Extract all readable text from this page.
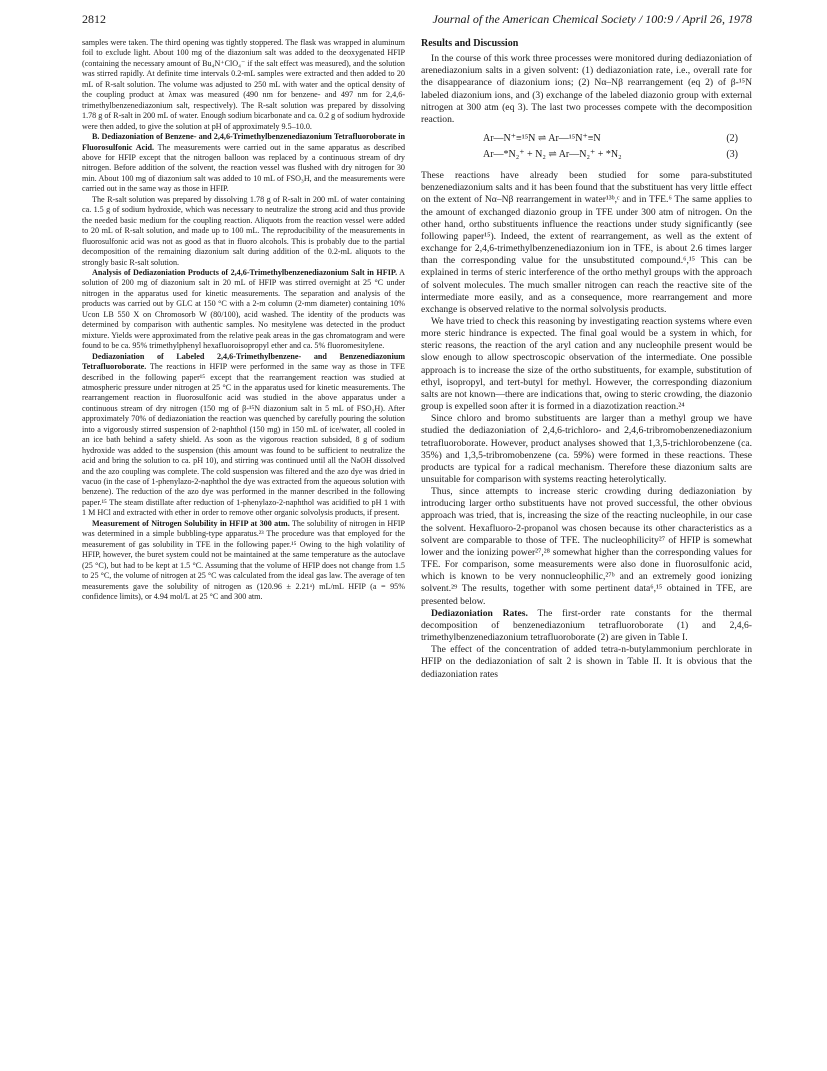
2812	Journal of the American Chemical Society / 100:9 / April 26, 1978

samples were taken. The third opening was tightly stoppered. The flask was wrapped in aluminum foil to exclude light. About 100 mg of the diazonium salt was added to the deoxygenated HFIP (containing the necessary amount of Bu₄N⁺ClO₄⁻ if the salt effect was measured), and the solution was stirred rapidly. At definite time intervals 0.2-mL samples were extracted and then added to 20 mL of R-salt solution. The volume was adjusted to 250 mL with water and the optical density of the coupling product at λmax was measured (490 nm for benzene- and 497 nm for 2,4,6-trimethylbenzenediazonium salt, respectively). The R-salt solution was prepared by dissolving 1.78 g of R-salt in 200 mL of water. Enough sodium bicarbonate and ca. 0.2 g of sodium hydroxide were then added, to give the solution at pH of approximately 9.5–10.0.

B. Dediazoniation of Benzene- and 2,4,6-Trimethylbenzenediazonium Tetrafluoroborate in Fluorosulfonic Acid. The measurements were carried out in the same apparatus as described above for HFIP except that the nitrogen balloon was replaced by a continuous stream of dry nitrogen. Before addition of the solvent, the reaction vessel was flushed with dry nitrogen for 30 min. About 100 mg of diazonium salt was added to 10 mL of FSO₃H, and the measurements were carried out in the same way as those in HFIP.

The R-salt solution was prepared by dissolving 1.78 g of R-salt in 200 mL of water containing ca. 1.5 g of sodium hydroxide, which was necessary to neutralize the strong acid and thus provide the needed basic medium for the coupling reaction. Aliquots from the reaction vessel were added to 20 mL of R-salt solution, and made up to 100 mL. The reproducibility of the measurements in fluorosulfonic acid was not as good as that in fluoro alcohols. This is probably due to the partial decomposition of the remaining diazonium salt during addition of the 0.2-mL aliquots to the strongly basic R-salt solution.

Analysis of Dediazoniation Products of 2,4,6-Trimethylbenzenediazonium Salt in HFIP. A solution of 200 mg of diazonium salt in 20 mL of HFIP was stirred overnight at 25 °C under nitrogen in the apparatus used for kinetic measurements. The separation and analysis of the products was carried out by GLC at 150 °C with a 2-m column (2-mm diameter) containing 10% Ucon LB 550 X on Chromosorb W (80/100), acid washed. The identity of the products was determined by comparison with authentic samples. No mesitylene was detected in the product mixture. Yields were approximated from the relative peak areas in the gas chromatogram and were found to be ca. 95% trimethylphenyl hexafluoroisopropyl ether and ca. 5% fluoromesitylene.

Dediazoniation of Labeled 2,4,6-Trimethylbenzene- and Benzenediazonium Tetrafluoroborate. The reactions in HFIP were performed in the same way as those in TFE described in the following paper¹⁵ except that the rearrangement reaction was studied at atmospheric pressure under nitrogen at 25 °C in the apparatus used for kinetic measurements. The rearrangement reaction in fluorosulfonic acid was studied in the above apparatus under a continuous stream of dry nitrogen (150 mg of β-¹⁵N diazonium salt in 5 mL of FSO₃H). After approximately 70% of dediazoniation the reaction was quenched by carefully pouring the solution into a vigorously stirred suspension of 2-naphthol (150 mg) in 150 mL of ice/water, all cooled in an ice bath behind a safety shield. As soon as the vigorous reaction subsided, 8 g of sodium hydroxide was added to the suspension (this amount was found to be sufficient to neutralize the acid and bring the solution to ca. pH 10), and stirring was continued until all the NaOH dissolved and the azo coupling was complete. The cold suspension was filtered and the azo dye was dried in vacuo (in the case of 1-phenylazo-2-naphthol the dye was extracted from the aqueous solution with benzene). The reduction of the azo dye was performed in the manner described in the following paper.¹⁵ The steam distillate after reduction of 1-phenylazo-2-naphthol was acidified to pH 1 with 1 M HCl and extracted with ether in order to remove other organic solvolysis products, if present.

Measurement of Nitrogen Solubility in HFIP at 300 atm. The solubility of nitrogen in HFIP was determined in a simple bubbling-type apparatus.²³ The procedure was that employed for the measurement of gas solubility in TFE in the following paper.¹⁵ Owing to the high volatility of HFIP, however, the buret system could not be maintained at the same temperature as the autoclave (25 °C), but had to be kept at 1.5 °C. Assuming that the volume of HFIP does not change from 1.5 to 25 °C, the volume of nitrogen at 25 °C was calculated from the ideal gas law. The average of ten measurements gave the solubility of nitrogen as (120.96 ± 2.21ᵃ) mL/mL HFIP (a = 95% confidence limits), or 4.94 mol/L at 25 °C and 300 atm.

Results and Discussion

In the course of this work three processes were monitored during dediazoniation of arenediazonium salts in a given solvent: (1) dediazoniation rate, i.e., overall rate for the disappearance of diazonium ions; (2) Nα–Nβ rearrangement (eq 2) of β-¹⁵N labeled diazonium ions, and (3) exchange of the labeled diazonio group with external nitrogen at 300 atm (eq 3). The last two processes compete with the decomposition reaction.

Ar—N⁺≡¹⁵N ⇌ Ar—¹⁵N⁺≡N	(2)
Ar—*N₂⁺ + N₂ ⇌ Ar—N₂⁺ + *N₂	(3)

These reactions have already been studied for some para-substituted benzenediazonium salts and it has been found that the substituent has very little effect on the extent of Nα–Nβ rearrangement in water¹³ᵇ,ᶜ and in TFE.⁶ The same applies to the amount of exchanged diazonio group in TFE under 300 atm of nitrogen. On the other hand, ortho substituents influence the reactions under study significantly (see following paper¹⁵). Indeed, the extent of rearrangement, as well as the extent of exchange for 2,4,6-trimethylbenzenediazonium ion in TFE, is about 2.6 times larger than the corresponding value for the unsubstituted compound.⁶,¹⁵ This can be explained in terms of steric interference of the ortho methyl groups with the approach of solvent molecules. The much smaller nitrogen can reach the reactive site of the intermediate more easily, and as a consequence, more rearrangement and more exchange is observed relative to the normal solvolysis products.

We have tried to check this reasoning by investigating reaction systems where even more steric hindrance is expected. The final goal would be a system in which, for steric reasons, the reaction of the aryl cation and any nucleophile present would be slow enough to allow spectroscopic observation of the intermediate. One possible approach is to increase the size of the ortho substituents, for example, substitution of ethyl, isopropyl, and tert-butyl for methyl. However, the corresponding diazonium salts are not known—there are indications that, owing to steric crowding, the diazonio group is expelled soon after it is formed in a diazotization reaction.²⁴

Since chloro and bromo substituents are larger than a methyl group we have studied the dediazoniation of 2,4,6-trichloro- and 2,4,6-tribromobenzenediazonium tetrafluoroborate. However, product analyses showed that 1,3,5-trichlorobenzene (ca. 35%) and 1,3,5-tribromobenzene (ca. 59%) were formed in these reactions. These products are typical for a radical mechanism. Therefore these diazonium salts are unsuitable for comparison with systems reacting heterolytically.

Thus, since attempts to increase steric crowding during dediazoniation by introducing larger ortho substituents have not proved successful, the other obvious approach was tried, that is, increasing the size of the reacting nucleophile, in our case the solvent. Hexafluoro-2-propanol was chosen because its other characteristics as a solvent are comparable to those of TFE. The nucleophilicity²⁷ of HFIP is somewhat lower and the ionizing power²⁷,²⁸ somewhat higher than the corresponding values for TFE. For comparison, some measurements were also done in fluorosulfonic acid, which is known to be very nonnucleophilic,²⁷ᵇ and an extremely good ionizing solvent.²⁹ The results, together with some pertinent data⁶,¹⁵ obtained in TFE, are presented below.

Dediazoniation Rates. The first-order rate constants for the thermal decomposition of benzenediazonium tetrafluoroborate (1) and 2,4,6-trimethylbenzenediazonium tetrafluoroborate (2) are given in Table I.

The effect of the concentration of added tetra-n-butylammonium perchlorate in HFIP on the dediazoniation of salt 2 is shown in Table II. It is obvious that the dediazoniation rates
